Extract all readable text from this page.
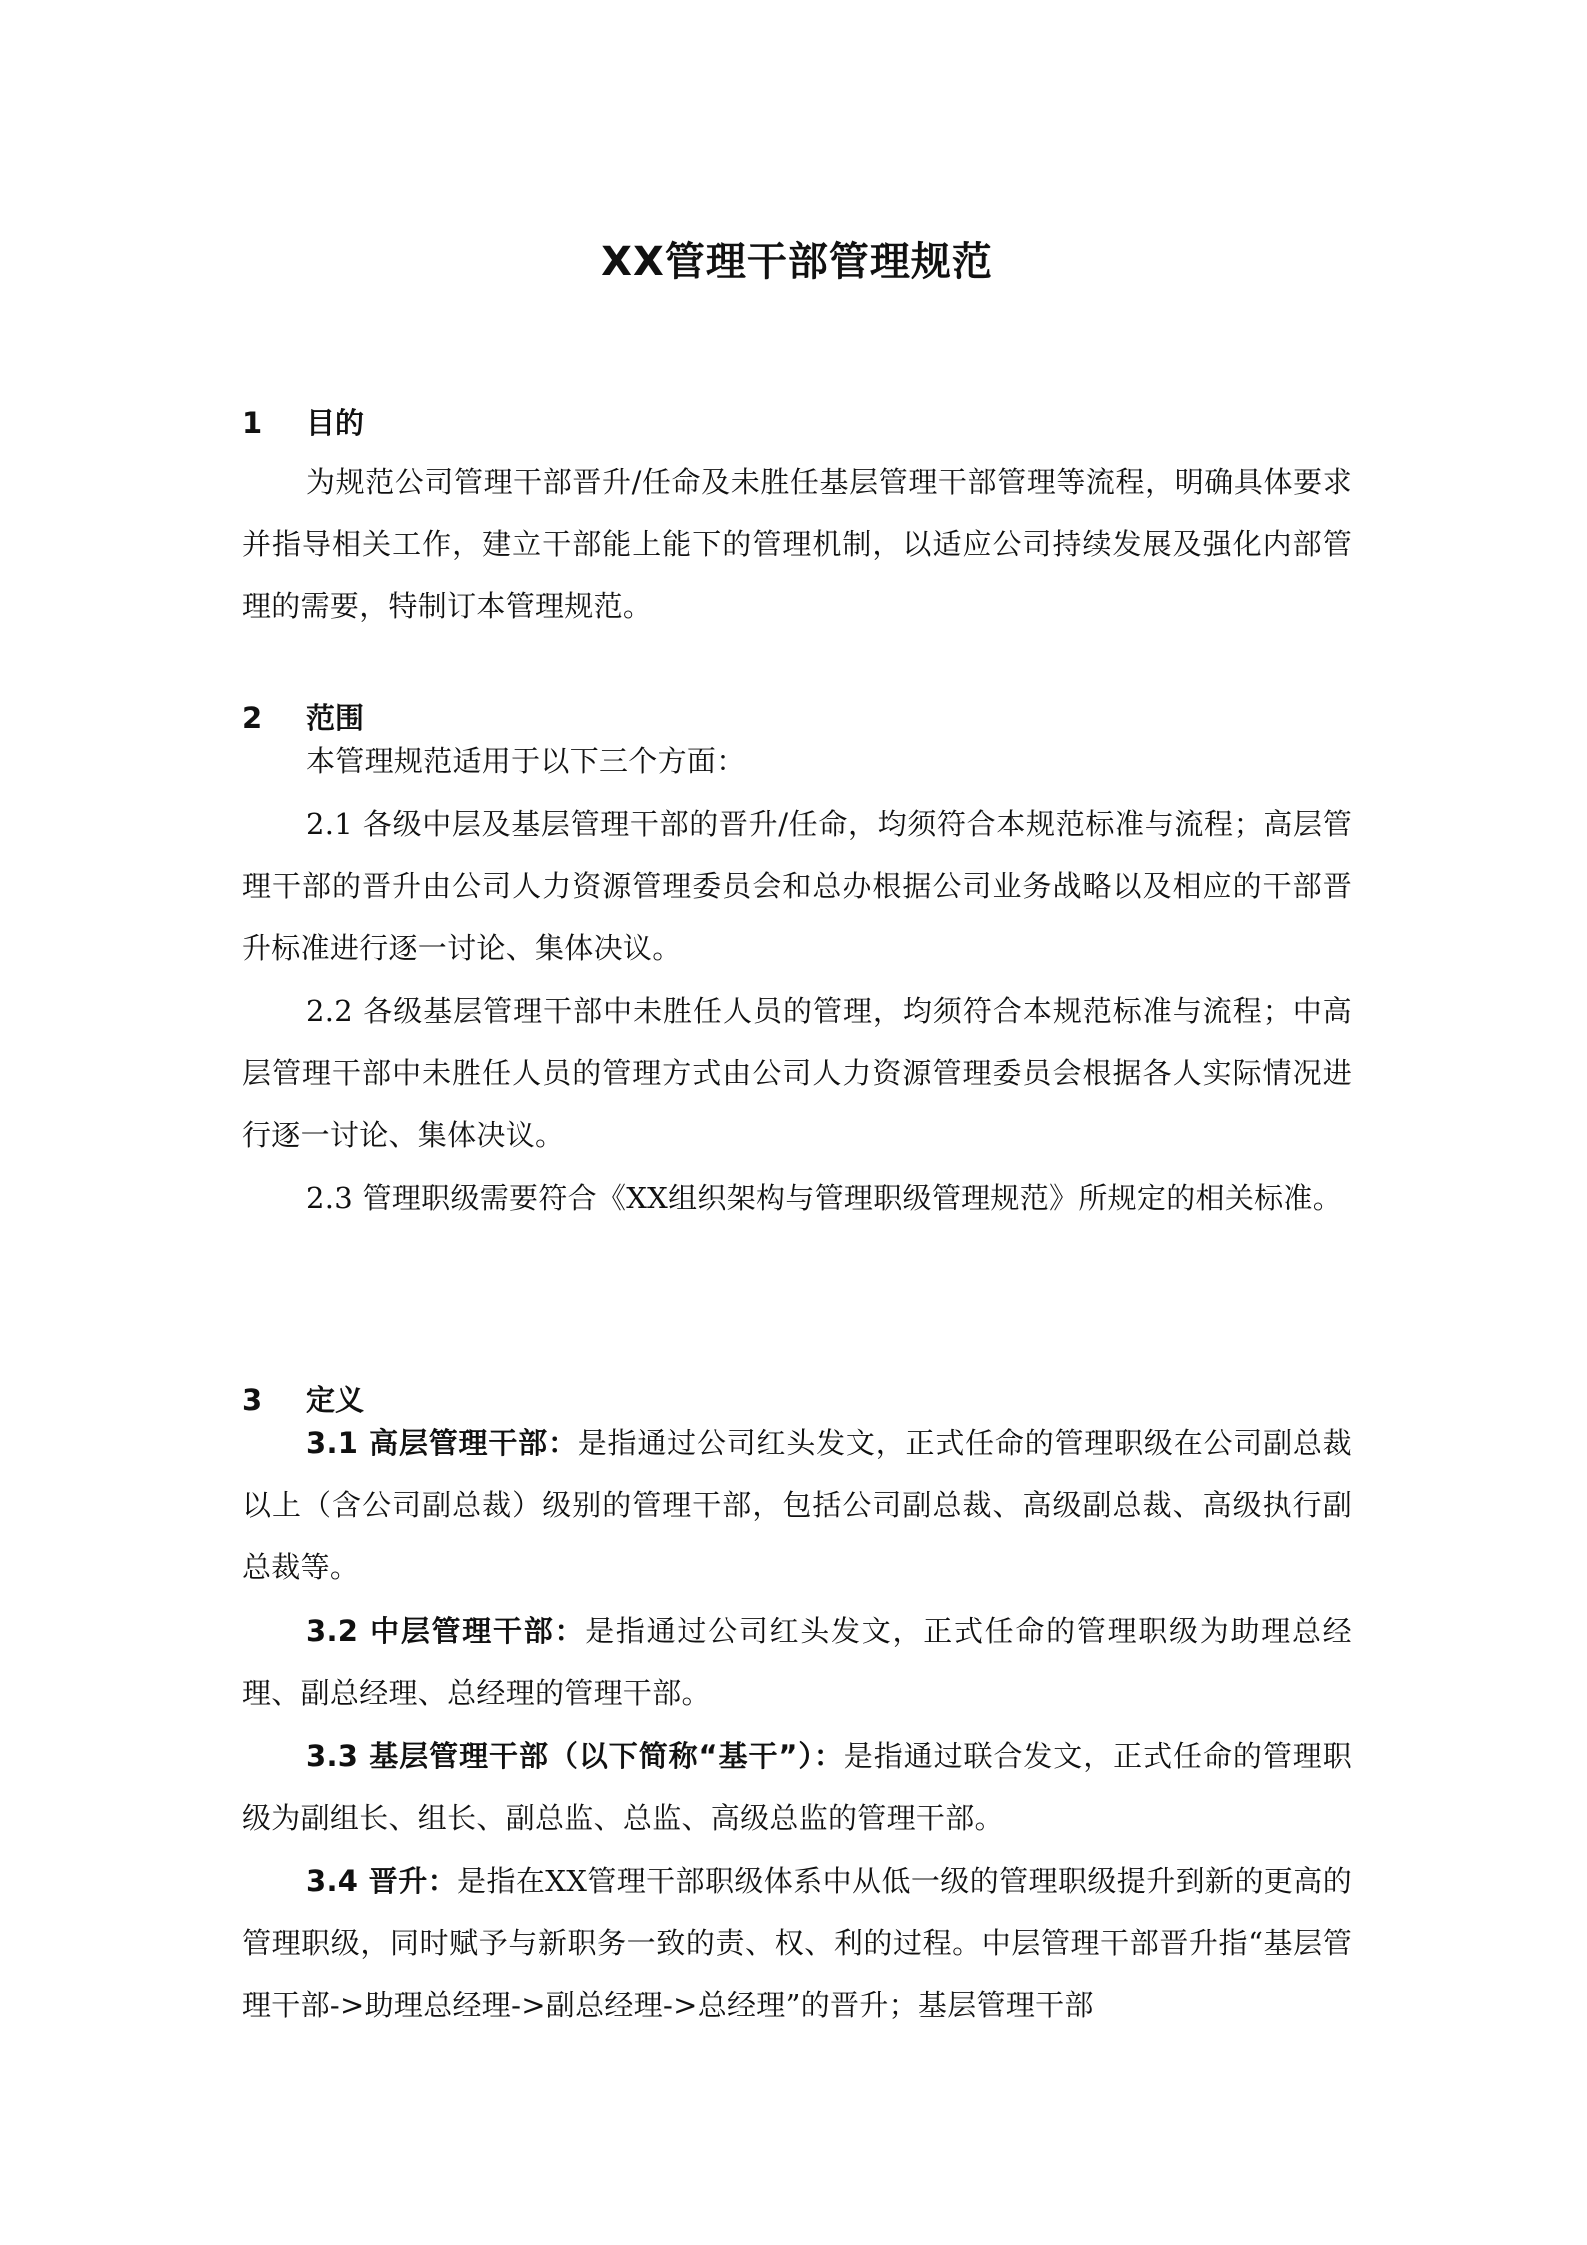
XX管理干部管理规范
1 目的
为规范公司管理干部晋升/任命及未胜任基层管理干部管理等流程，明确具体要求并指导相关工作，建立干部能上能下的管理机制，以适应公司持续发展及强化内部管理的需要，特制订本管理规范。
2 范围
本管理规范适用于以下三个方面：
2.1 各级中层及基层管理干部的晋升/任命，均须符合本规范标准与流程；高层管理干部的晋升由公司人力资源管理委员会和总办根据公司业务战略以及相应的干部晋升标准进行逐一讨论、集体决议。
2.2 各级基层管理干部中未胜任人员的管理，均须符合本规范标准与流程；中高层管理干部中未胜任人员的管理方式由公司人力资源管理委员会根据各人实际情况进行逐一讨论、集体决议。
2.3 管理职级需要符合《XX组织架构与管理职级管理规范》所规定的相关标准。
3 定义
3.1 高层管理干部：是指通过公司红头发文，正式任命的管理职级在公司副总裁以上（含公司副总裁）级别的管理干部，包括公司副总裁、高级副总裁、高级执行副总裁等。
3.2 中层管理干部：是指通过公司红头发文，正式任命的管理职级为助理总经理、副总经理、总经理的管理干部。
3.3 基层管理干部（以下简称“基干”）：是指通过联合发文，正式任命的管理职级为副组长、组长、副总监、总监、高级总监的管理干部。
3.4 晋升：是指在XX管理干部职级体系中从低一级的管理职级提升到新的更高的管理职级，同时赋予与新职务一致的责、权、利的过程。中层管理干部晋升指“基层管理干部->助理总经理->副总经理->总经理”的晋升；基层管理干部
